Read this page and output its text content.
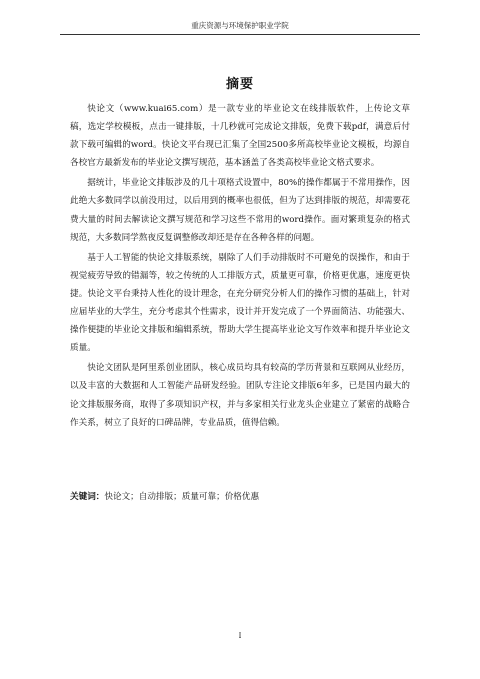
重庆资源与环境保护职业学院
摘要

快论文（www.kuai65.com）是一款专业的毕业论文在线排版软件，上传论文草稿，选定学校模板，点击一键排版，十几秒就可完成论文排版，免费下载pdf，满意后付款下载可编辑的word。快论文平台现已汇集了全国2500多所高校毕业论文模板，均源自各校官方最新发布的毕业论文撰写规范，基本涵盖了各类高校毕业论文格式要求。

据统计，毕业论文排版涉及的几十项格式设置中，80%的操作都属于不常用操作，因此绝大多数同学以前没用过，以后用到的概率也很低，但为了达到排版的规范，却需要花费大量的时间去解读论文撰写规范和学习这些不常用的word操作。面对繁琐复杂的格式规范，大多数同学熬夜反复调整修改却还是存在各种各样的问题。

基于人工智能的快论文排版系统，剔除了人们手动排版时不可避免的误操作，和由于视觉疲劳导致的错漏等，较之传统的人工排版方式，质量更可靠，价格更优惠，速度更快捷。快论文平台秉持人性化的设计理念，在充分研究分析人们的操作习惯的基础上，针对应届毕业的大学生，充分考虑其个性需求，设计并开发完成了一个界面简洁、功能强大、操作便捷的毕业论文排版和编辑系统，帮助大学生提高毕业论文写作效率和提升毕业论文质量。

快论文团队是阿里系创业团队，核心成员均具有较高的学历背景和互联网从业经历，以及丰富的大数据和人工智能产品研发经验。团队专注论文排版6年多，已是国内最大的论文排版服务商，取得了多项知识产权，并与多家相关行业龙头企业建立了紧密的战略合作关系，树立了良好的口碑品牌，专业品质，值得信赖。

关键词：快论文；自动排版；质量可靠；价格优惠
I
